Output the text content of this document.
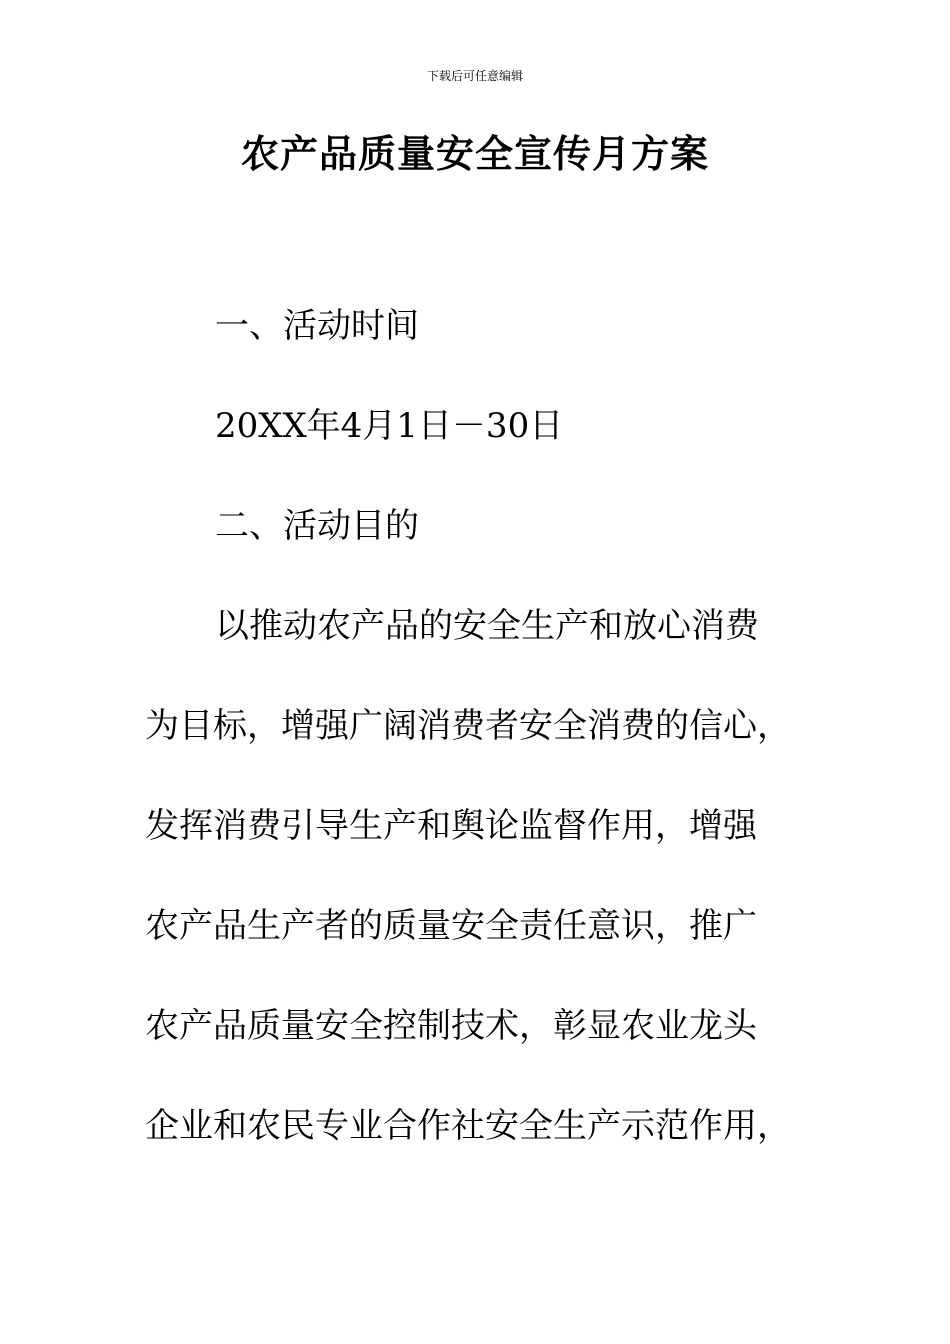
下载后可任意编辑
农产品质量安全宣传月方案
一、活动时间
20XX年4月1日－30日
二、活动目的
以推动农产品的安全生产和放心消费
为目标，增强广阔消费者安全消费的信心，
发挥消费引导生产和舆论监督作用，增强
农产品生产者的质量安全责任意识，推广
农产品质量安全控制技术，彰显农业龙头
企业和农民专业合作社安全生产示范作用，
